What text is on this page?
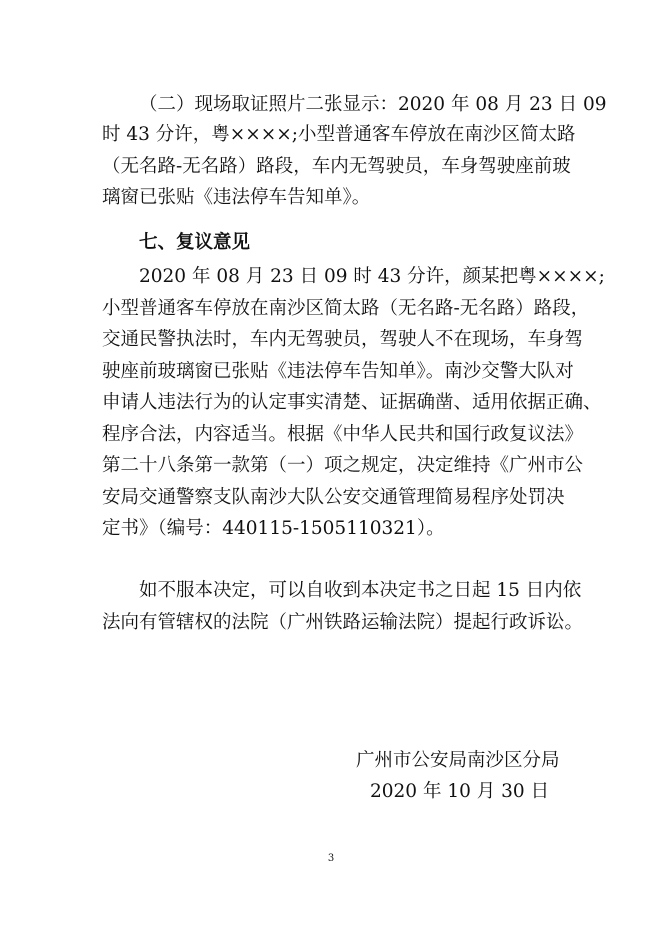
（二）现场取证照片二张显示：2020 年 08 月 23 日 09
时 43 分许，粤××××;小型普通客车停放在南沙区简太路
（无名路-无名路）路段，车内无驾驶员，车身驾驶座前玻
璃窗已张贴《违法停车告知单》。
七、复议意见
2020 年 08 月 23 日 09 时 43 分许，颜某把粤××××;
小型普通客车停放在南沙区简太路（无名路-无名路）路段，
交通民警执法时，车内无驾驶员，驾驶人不在现场，车身驾
驶座前玻璃窗已张贴《违法停车告知单》。南沙交警大队对
申请人违法行为的认定事实清楚、证据确凿、适用依据正确、
程序合法，内容适当。根据《中华人民共和国行政复议法》
第二十八条第一款第（一）项之规定，决定维持《广州市公
安局交通警察支队南沙大队公安交通管理简易程序处罚决
定书》（编号：440115-1505110321）。
如不服本决定，可以自收到本决定书之日起 15 日内依
法向有管辖权的法院（广州铁路运输法院）提起行政诉讼。
广州市公安局南沙区分局
2020 年 10 月 30 日
3
